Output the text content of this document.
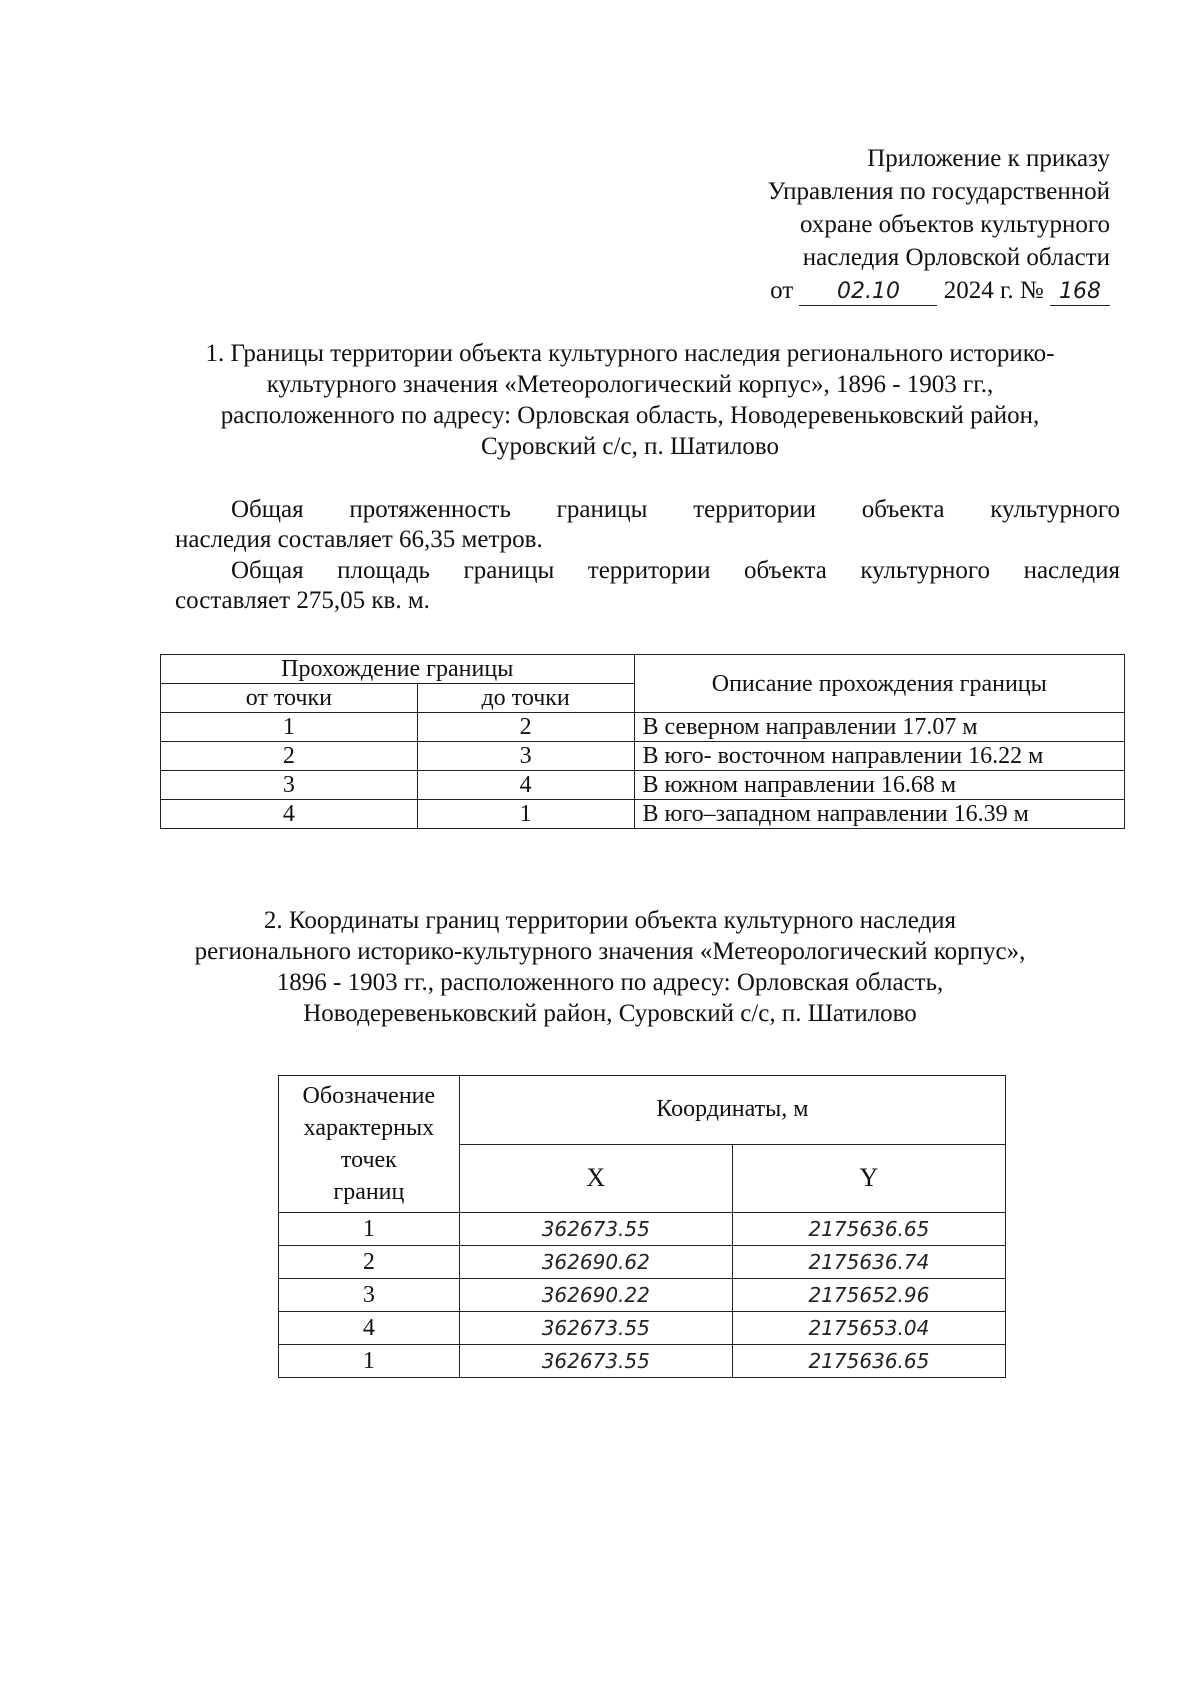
Приложение к приказу
Управления по государственной
охране объектов культурного
наследия Орловской области
от 02.10 2024 г. № 168
1. Границы территории объекта культурного наследия регионального историко-
культурного значения «Метеорологический корпус», 1896 - 1903 гг.,
расположенного по адресу: Орловская область, Новодеревеньковский район,
Суровский с/с, п. Шатилово
Общая протяженность границы территории объекта культурного
наследия составляет 66,35 метров.
Общая площадь границы территории объекта культурного наследия
составляет 275,05 кв. м.
Прохождение границы		Описание прохождения границы
от точки	до точки	
1	2	В северном направлении 17.07 м
2	3	В юго- восточном направлении 16.22 м
3	4	В южном направлении 16.68 м
4	1	В юго–западном направлении 16.39 м
2. Координаты границ территории объекта культурного наследия
регионального историко-культурного значения «Метеорологический корпус»,
1896 - 1903 гг., расположенного по адресу: Орловская область,
Новодеревеньковский район, Суровский с/с, п. Шатилово
Обозначение
характерных
точек
границ	Координаты, м	
	X	Y
1	362673.55	2175636.65
2	362690.62	2175636.74
3	362690.22	2175652.96
4	362673.55	2175653.04
1	362673.55	2175636.65
